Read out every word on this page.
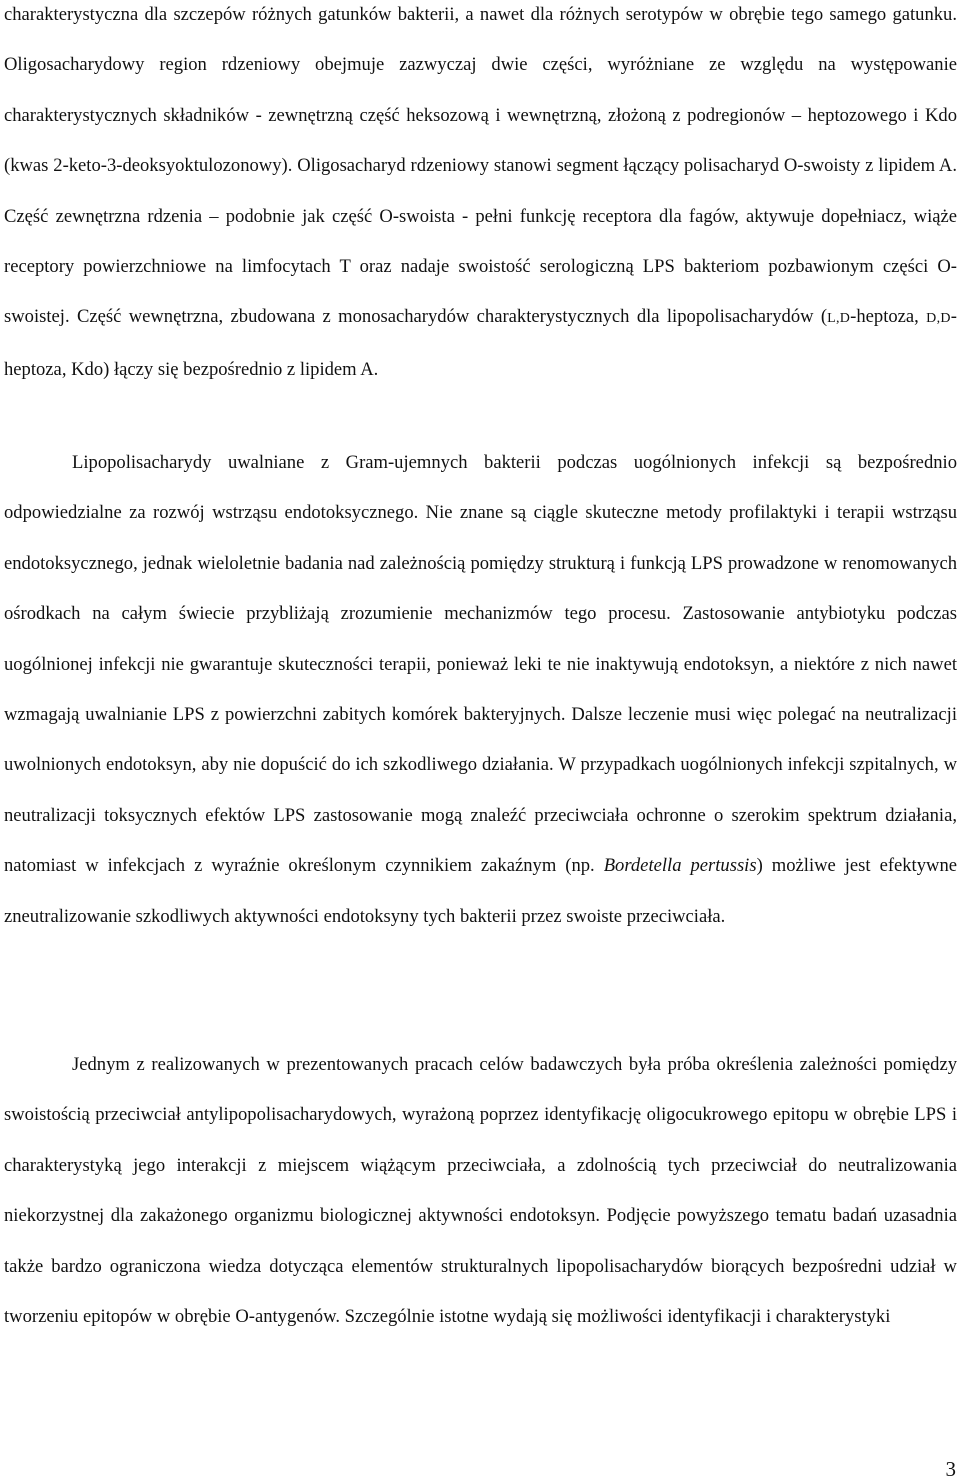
charakterystyczna dla szczepów różnych gatunków bakterii, a nawet dla różnych serotypów w obrębie tego samego gatunku. Oligosacharydowy region rdzeniowy obejmuje zazwyczaj dwie części, wyróżniane ze względu na występowanie charakterystycznych składników - zewnętrzną część heksozową i wewnętrzną, złożoną z podregionów – heptozowego i Kdo (kwas 2-keto-3-deoksyoktulozonowy). Oligosacharyd rdzeniowy stanowi segment łączący polisacharyd O-swoisty z lipidem A. Część zewnętrzna rdzenia – podobnie jak część O-swoista - pełni funkcję receptora dla fagów, aktywuje dopełniacz, wiąże receptory powierzchniowe na limfocytach T oraz nadaje swoistość serologiczną LPS bakteriom pozbawionym części O-swoistej. Część wewnętrzna, zbudowana z monosacharydów charakterystycznych dla lipopolisacharydów (L,D-heptoza, D,D-heptoza, Kdo) łączy się bezpośrednio z lipidem A.

Lipopolisacharydy uwalniane z Gram-ujemnych bakterii podczas uogólnionych infekcji są bezpośrednio odpowiedzialne za rozwój wstrząsu endotoksycznego. Nie znane są ciągle skuteczne metody profilaktyki i terapii wstrząsu endotoksycznego, jednak wieloletnie badania nad zależnością pomiędzy strukturą i funkcją LPS prowadzone w renomowanych ośrodkach na całym świecie przybliżają zrozumienie mechanizmów tego procesu. Zastosowanie antybiotyku podczas uogólnionej infekcji nie gwarantuje skuteczności terapii, ponieważ leki te nie inaktywują endotoksyn, a niektóre z nich nawet wzmagają uwalnianie LPS z powierzchni zabitych komórek bakteryjnych. Dalsze leczenie musi więc polegać na neutralizacji uwolnionych endotoksyn, aby nie dopuścić do ich szkodliwego działania. W przypadkach uogólnionych infekcji szpitalnych, w neutralizacji toksycznych efektów LPS zastosowanie mogą znaleźć przeciwciała ochronne o szerokim spektrum działania, natomiast w infekcjach z wyraźnie określonym czynnikiem zakaźnym (np. Bordetella pertussis) możliwe jest efektywne zneutralizowanie szkodliwych aktywności endotoksyny tych bakterii przez swoiste przeciwciała.

Jednym z realizowanych w prezentowanych pracach celów badawczych była próba określenia zależności pomiędzy swoistością przeciwciał antylipopolisacharydowych, wyrażoną poprzez identyfikację oligocukrowego epitopu w obrębie LPS i charakterystyką jego interakcji z miejscem wiążącym przeciwciała, a zdolnością tych przeciwciał do neutralizowania niekorzystnej dla zakażonego organizmu biologicznej aktywności endotoksyn. Podjęcie powyższego tematu badań uzasadnia także bardzo ograniczona wiedza dotycząca elementów strukturalnych lipopolisacharydów biorących bezpośredni udział w tworzeniu epitopów w obrębie O-antygenów. Szczególnie istotne wydają się możliwości identyfikacji i charakterystyki

3
